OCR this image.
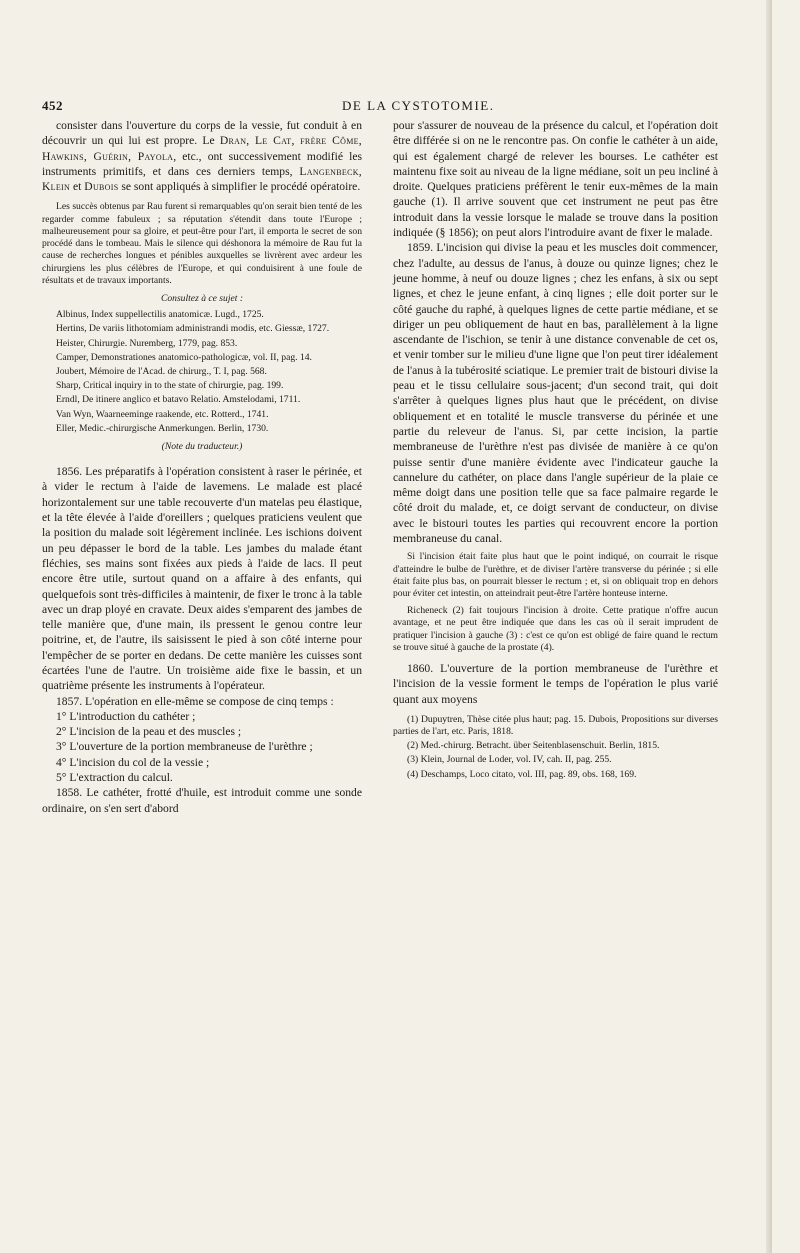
452	DE LA CYSTOTOMIE.

consister dans l'ouverture du corps de la vessie, fut conduit à en découvrir un qui lui est propre. Le Dran, Le Cat, frère Côme, Hawkins, Guérin, Payola, etc., ont successivement modifié les instruments primitifs, et dans ces derniers temps, Langenbeck, Klein et Dubois se sont appliqués à simplifier le procédé opératoire.

Les succès obtenus par Rau furent si remarquables qu'on serait bien tenté de les regarder comme fabuleux ; sa réputation s'étendit dans toute l'Europe ; malheureusement pour sa gloire, et peut-être pour l'art, il emporta le secret de son procédé dans le tombeau. Mais le silence qui déshonora la mémoire de Rau fut la cause de recherches longues et pénibles auxquelles se livrèrent avec ardeur les chirurgiens les plus célèbres de l'Europe, et qui conduisirent à une foule de résultats et de travaux importants.

Consultez à ce sujet :

Albinus, Index suppellectilis anatomicæ. Lugd., 1725.

Hertins, De variis lithotomiam administrandi modis, etc. Giessæ, 1727.

Heister, Chirurgie. Nuremberg, 1779, pag. 853.

Camper, Demonstrationes anatomico-pathologicæ, vol. II, pag. 14.

Joubert, Mémoire de l'Acad. de chirurg., T. I, pag. 568.

Sharp, Critical inquiry in to the state of chirurgie, pag. 199.

Erndl, De itinere anglico et batavo Relatio. Amstelodami, 1711.

Van Wyn, Waarneeminge raakende, etc. Rotterd., 1741.

Eller, Medic.-chirurgische Anmerkungen. Berlin, 1730.

(Note du traducteur.)

1856. Les préparatifs à l'opération consistent à raser le périnée, et à vider le rectum à l'aide de lavemens. Le malade est placé horizontalement sur une table recouverte d'un matelas peu élastique, et la tête élevée à l'aide d'oreillers ; quelques praticiens veulent que la position du malade soit légèrement inclinée. Les ischions doivent un peu dépasser le bord de la table. Les jambes du malade étant fléchies, ses mains sont fixées aux pieds à l'aide de lacs. Il peut encore être utile, surtout quand on a affaire à des enfants, qui quelquefois sont très-difficiles à maintenir, de fixer le tronc à la table avec un drap ployé en cravate. Deux aides s'emparent des jambes de telle manière que, d'une main, ils pressent le genou contre leur poitrine, et, de l'autre, ils saisissent le pied à son côté interne pour l'empêcher de se porter en dedans. De cette manière les cuisses sont écartées l'une de l'autre. Un troisième aide fixe le bassin, et un quatrième présente les instruments à l'opérateur.

1857. L'opération en elle-même se compose de cinq temps :

1° L'introduction du cathéter ;

2° L'incision de la peau et des muscles ;

3° L'ouverture de la portion membraneuse de l'urèthre ;

4° L'incision du col de la vessie ;

5° L'extraction du calcul.

1858. Le cathéter, frotté d'huile, est introduit comme une sonde ordinaire, on s'en sert d'abord

pour s'assurer de nouveau de la présence du calcul, et l'opération doit être différée si on ne le rencontre pas. On confie le cathéter à un aide, qui est également chargé de relever les bourses. Le cathéter est maintenu fixe soit au niveau de la ligne médiane, soit un peu incliné à droite. Quelques praticiens préfèrent le tenir eux-mêmes de la main gauche (1). Il arrive souvent que cet instrument ne peut pas être introduit dans la vessie lorsque le malade se trouve dans la position indiquée (§ 1856); on peut alors l'introduire avant de fixer le malade.

1859. L'incision qui divise la peau et les muscles doit commencer, chez l'adulte, au dessus de l'anus, à douze ou quinze lignes; chez le jeune homme, à neuf ou douze lignes ; chez les enfans, à six ou sept lignes, et chez le jeune enfant, à cinq lignes ; elle doit porter sur le côté gauche du raphé, à quelques lignes de cette partie médiane, et se diriger un peu obliquement de haut en bas, parallèlement à la ligne ascendante de l'ischion, se tenir à une distance convenable de cet os, et venir tomber sur le milieu d'une ligne que l'on peut tirer idéalement de l'anus à la tubérosité sciatique. Le premier trait de bistouri divise la peau et le tissu cellulaire sous-jacent; d'un second trait, qui doit s'arrêter à quelques lignes plus haut que le précédent, on divise obliquement et en totalité le muscle transverse du périnée et une partie du releveur de l'anus. Si, par cette incision, la partie membraneuse de l'urèthre n'est pas divisée de manière à ce qu'on puisse sentir d'une manière évidente avec l'indicateur gauche la cannelure du cathéter, on place dans l'angle supérieur de la plaie ce même doigt dans une position telle que sa face palmaire regarde le côté droit du malade, et, ce doigt servant de conducteur, on divise avec le bistouri toutes les parties qui recouvrent encore la portion membraneuse du canal.

Si l'incision était faite plus haut que le point indiqué, on courrait le risque d'atteindre le bulbe de l'urèthre, et de diviser l'artère transverse du périnée ; si elle était faite plus bas, on pourrait blesser le rectum ; et, si on obliquait trop en dehors pour éviter cet intestin, on atteindrait peut-être l'artère honteuse interne.

Richeneck (2) fait toujours l'incision à droite. Cette pratique n'offre aucun avantage, et ne peut être indiquée que dans les cas où il serait imprudent de pratiquer l'incision à gauche (3) : c'est ce qu'on est obligé de faire quand le rectum se trouve situé à gauche de la prostate (4).

1860. L'ouverture de la portion membraneuse de l'urèthre et l'incision de la vessie forment le temps de l'opération le plus varié quant aux moyens

(1) Dupuytren, Thèse citée plus haut; pag. 15. Dubois, Propositions sur diverses parties de l'art, etc. Paris, 1818.

(2) Med.-chirurg. Betracht. über Seitenblasenschuit. Berlin, 1815.

(3) Klein, Journal de Loder, vol. IV, cah. II, pag. 255.

(4) Deschamps, Loco citato, vol. III, pag. 89, obs. 168, 169.
